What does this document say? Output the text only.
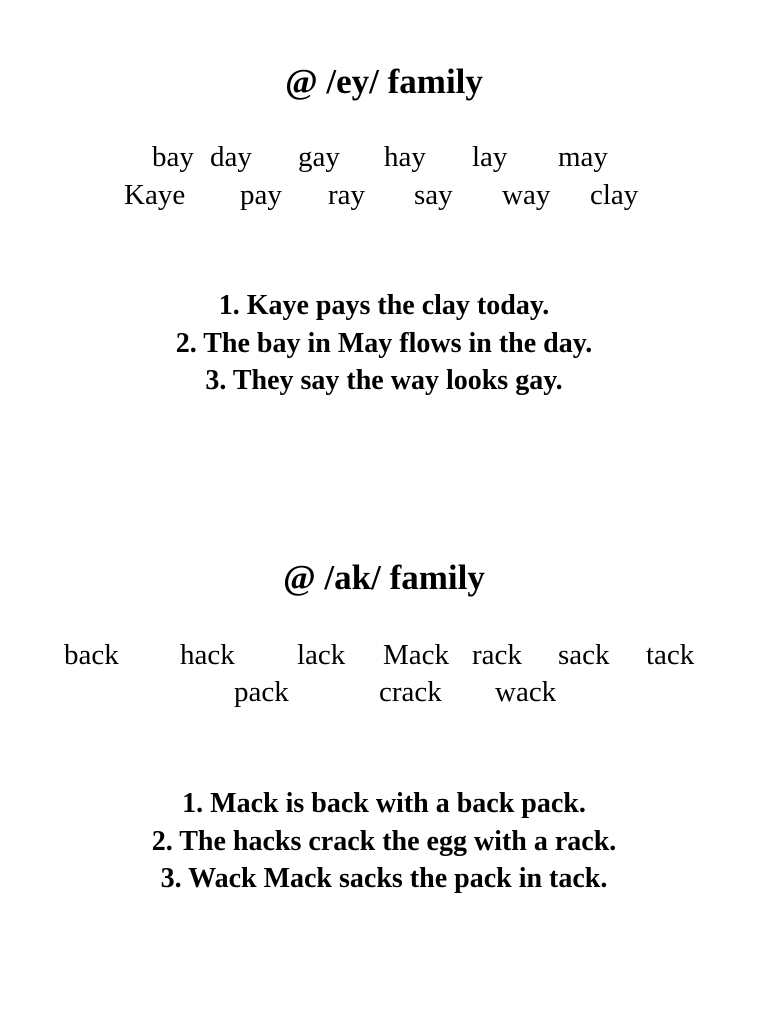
@ /ey/ family
bay day gay hay lay may
Kaye pay ray say way clay
1. Kaye pays the clay today.
2. The bay in May flows in the day.
3. They say the way looks gay.
@ /ak/ family
back hack lack Mack rack sack tack
pack	crack wack
1. Mack is back with a back pack.
2. The hacks crack the egg with a rack.
3. Wack Mack sacks the pack in tack.
